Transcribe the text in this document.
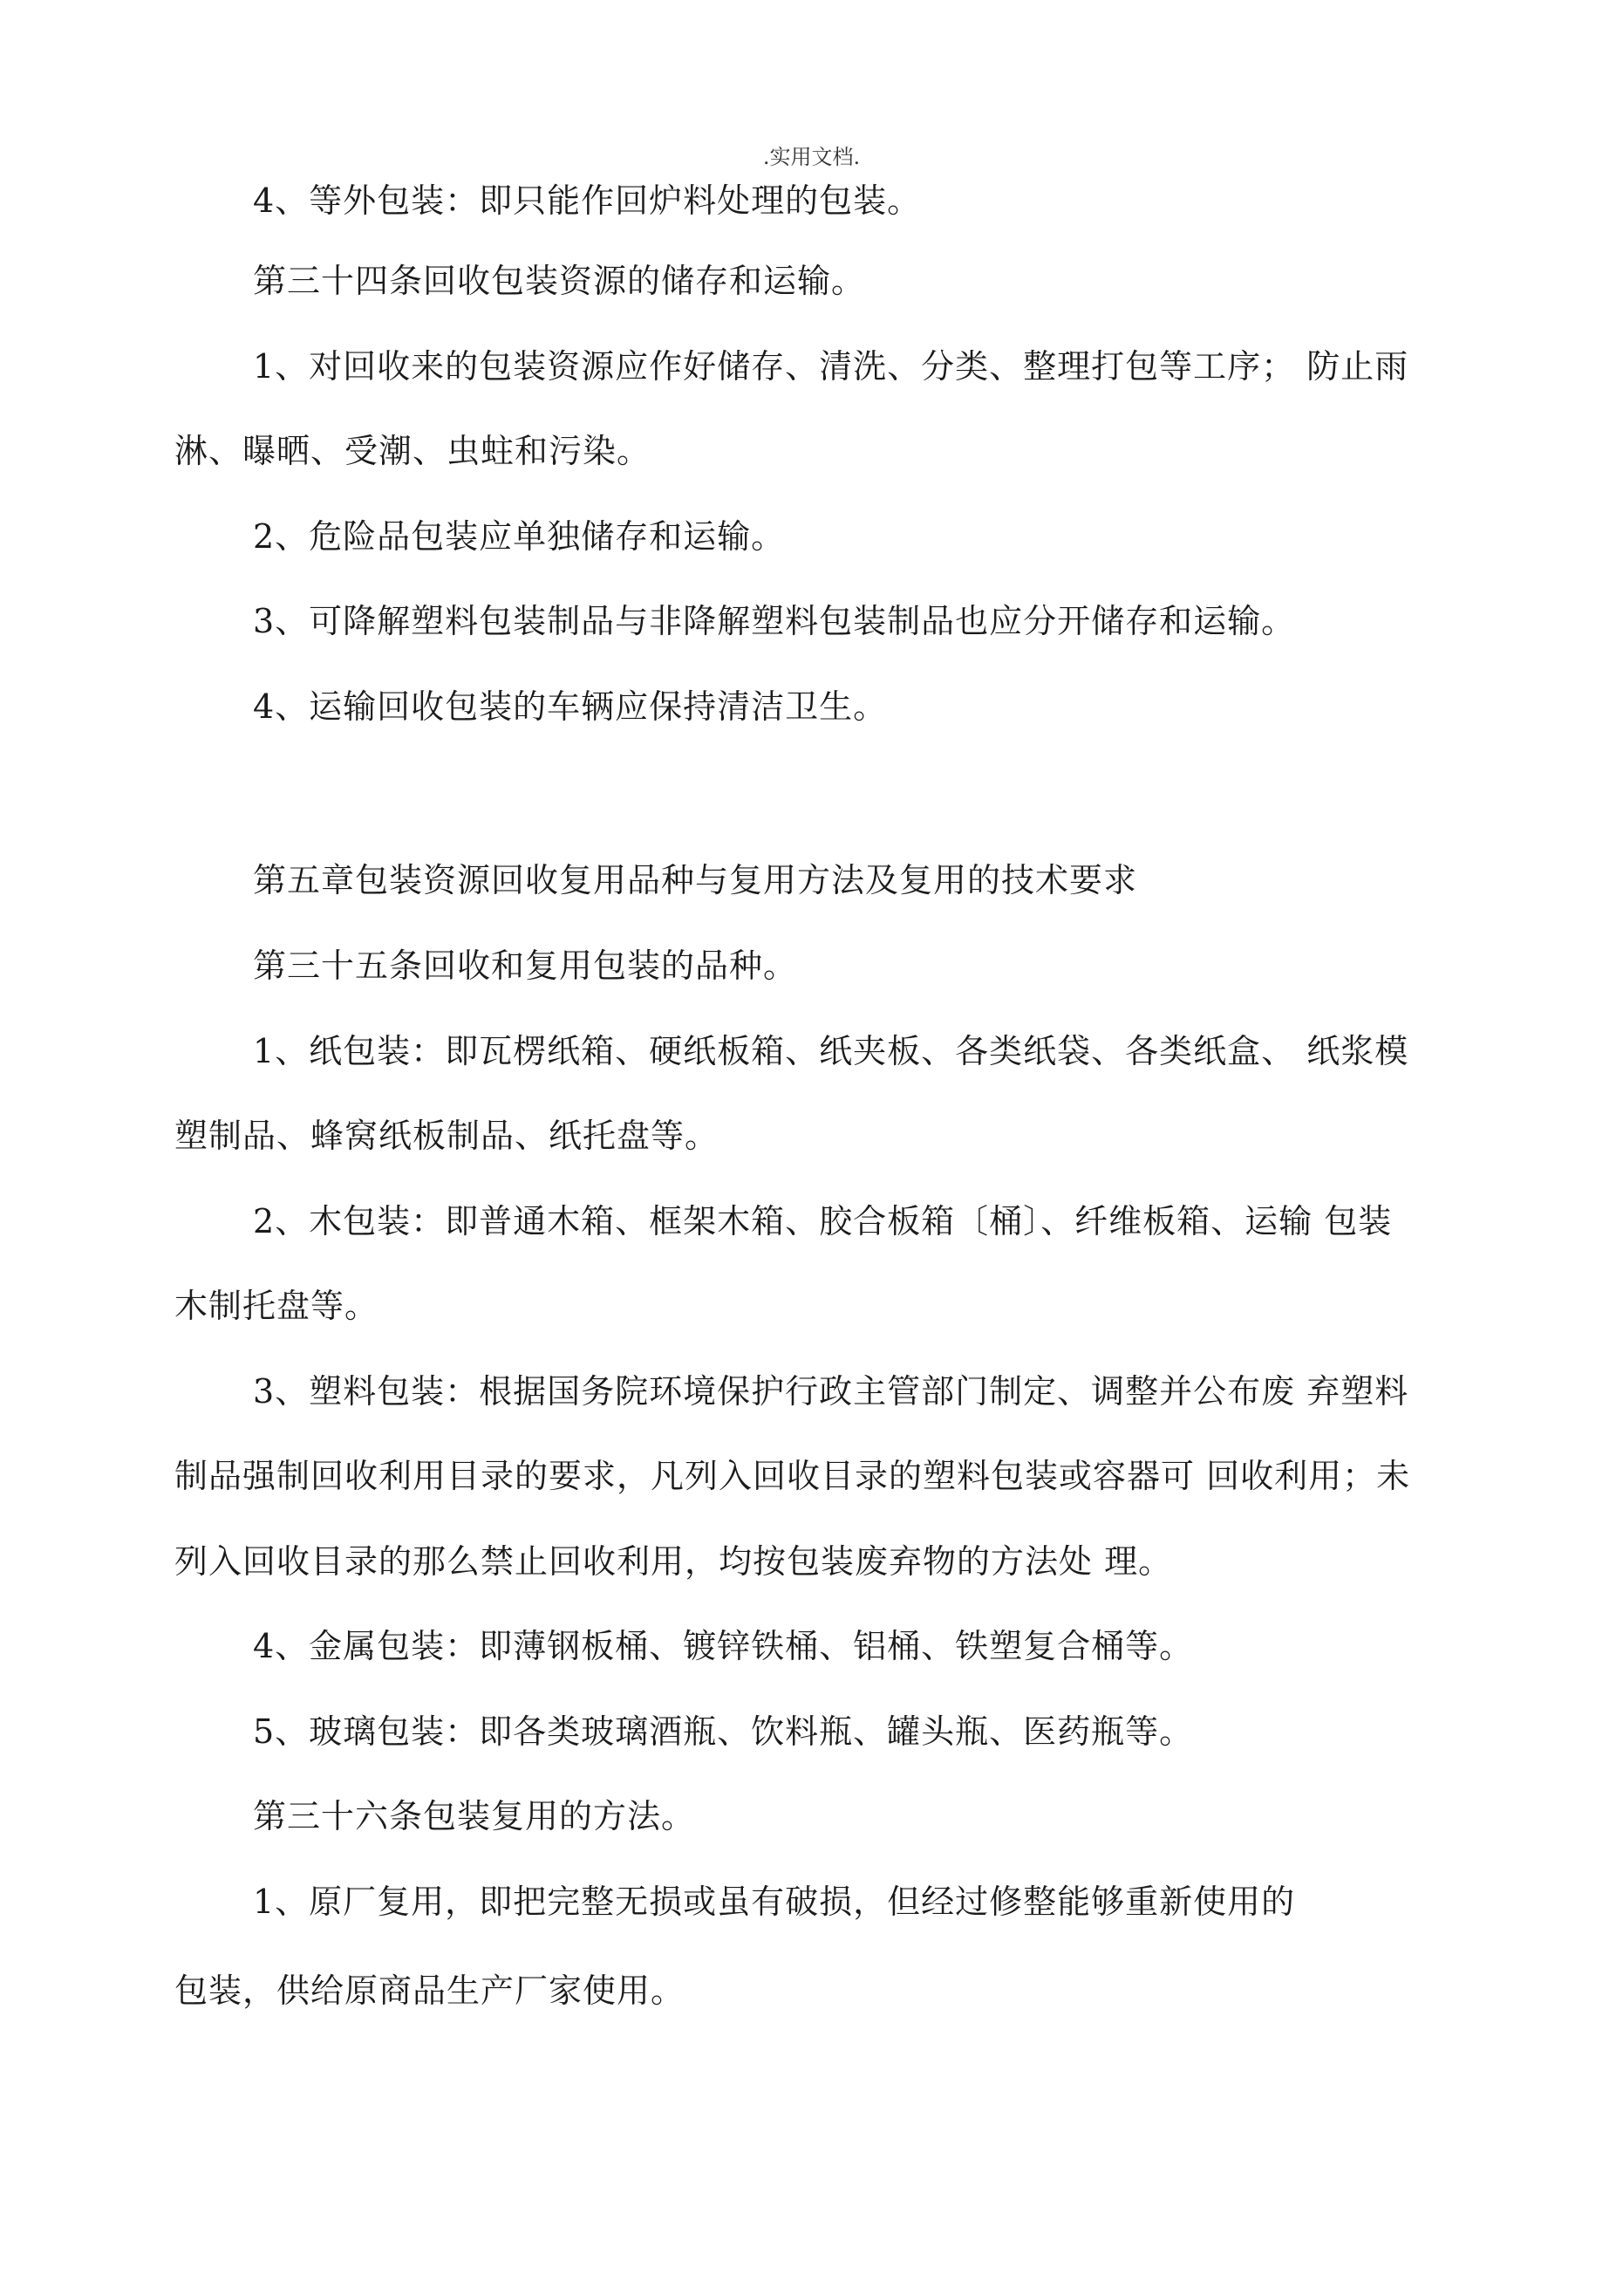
.实用文档.
4、等外包装：即只能作回炉料处理的包装。
第三十四条回收包装资源的储存和运输。
1、对回收来的包装资源应作好储存、清洗、分类、整理打包等工序； 防止雨
淋、曝晒、受潮、虫蛀和污染。
2、危险品包装应单独储存和运输。
3、可降解塑料包装制品与非降解塑料包装制品也应分开储存和运输。
4、运输回收包装的车辆应保持清洁卫生。
第五章包装资源回收复用品种与复用方法及复用的技术要求
第三十五条回收和复用包装的品种。
1、纸包装：即瓦楞纸箱、硬纸板箱、纸夹板、各类纸袋、各类纸盒、 纸浆模
塑制品、蜂窝纸板制品、纸托盘等。
2、木包装：即普通木箱、框架木箱、胶合板箱〔桶〕、纤维板箱、运输 包装
木制托盘等。
3、塑料包装：根据国务院环境保护行政主管部门制定、调整并公布废 弃塑料
制品强制回收利用目录的要求，凡列入回收目录的塑料包装或容器可 回收利用；未
列入回收目录的那么禁止回收利用，均按包装废弃物的方法处 理。
4、金属包装：即薄钢板桶、镀锌铁桶、铝桶、铁塑复合桶等。
5、玻璃包装：即各类玻璃酒瓶、饮料瓶、罐头瓶、医药瓶等。
第三十六条包装复用的方法。
1、原厂复用，即把完整无损或虽有破损，但经过修整能够重新使用的
包装，供给原商品生产厂家使用。
